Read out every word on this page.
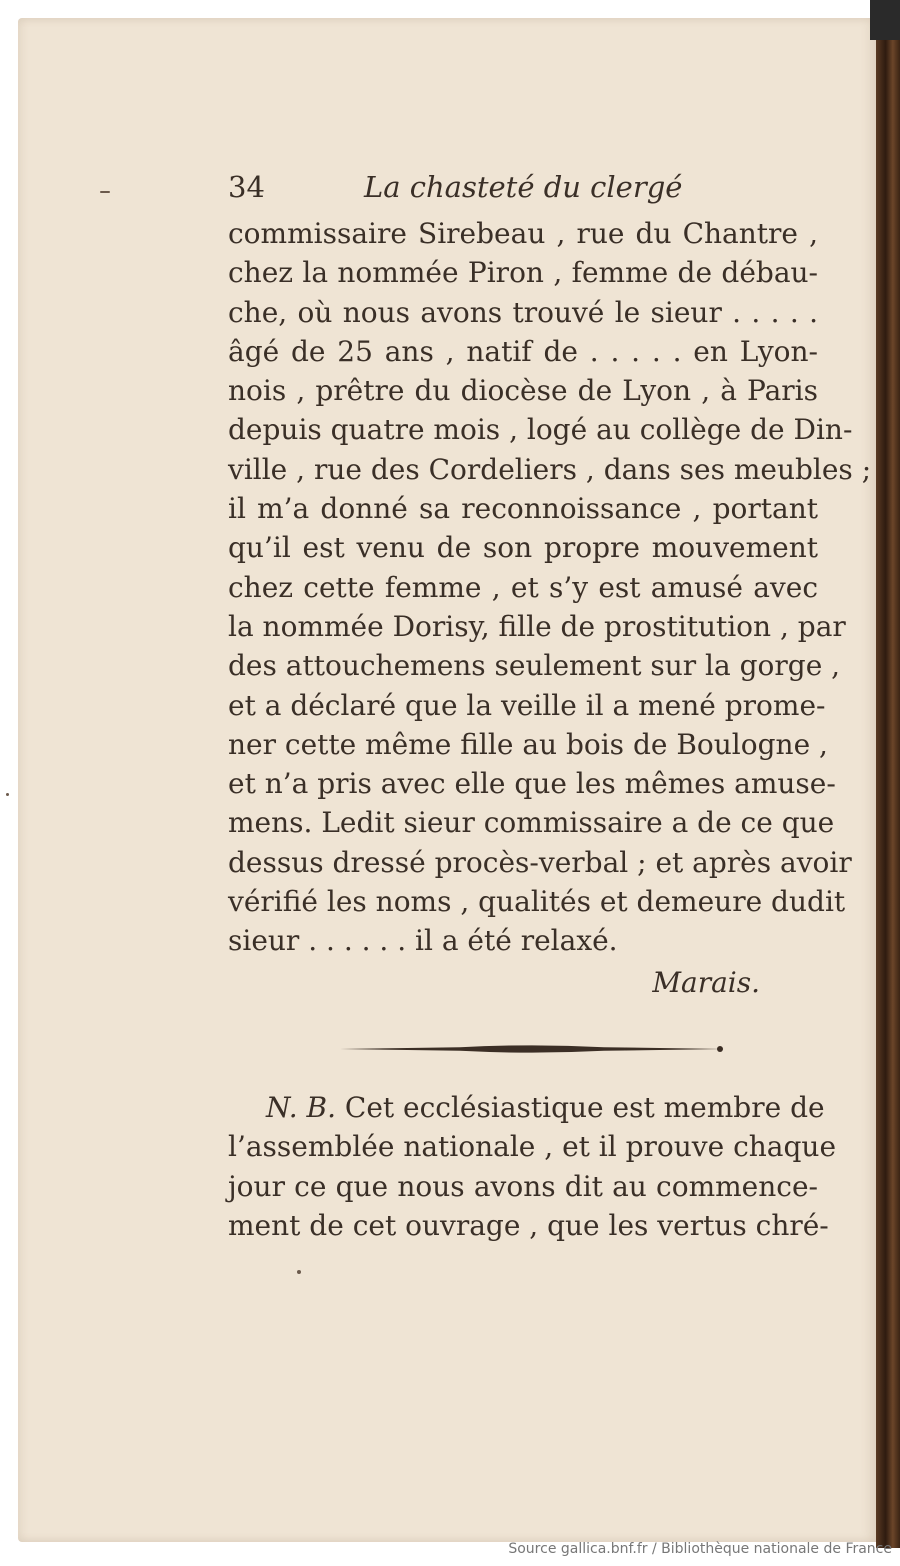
34	La chasteté du clergé
commissaire Sirebeau , rue du Chantre ,
chez la nommée Piron , femme de débau-
che, où nous avons trouvé le sieur . . . . .
âgé de 25 ans , natif de . . . . . en Lyon-
nois , prêtre du diocèse de Lyon , à Paris
depuis quatre mois , logé au collège de Din-
ville , rue des Cordeliers , dans ses meubles ;
il m’a donné sa reconnoissance , portant
qu’il est venu de son propre mouvement
chez cette femme , et s’y est amusé avec
la nommée Dorisy, fille de prostitution , par
des attouchemens seulement sur la gorge ,
et a déclaré que la veille il a mené prome-
ner cette même fille au bois de Boulogne ,
et n’a pris avec elle que les mêmes amuse-
mens. Ledit sieur commissaire a de ce que
dessus dressé procès-verbal ; et après avoir
vérifié les noms , qualités et demeure dudit
sieur . . . . . . il a été relaxé.
Marais.
N. B. Cet ecclésiastique est membre de
l’assemblée nationale , et il prouve chaque
jour ce que nous avons dit au commence-
ment de cet ouvrage , que les vertus chré-
Source gallica.bnf.fr / Bibliothèque nationale de France
